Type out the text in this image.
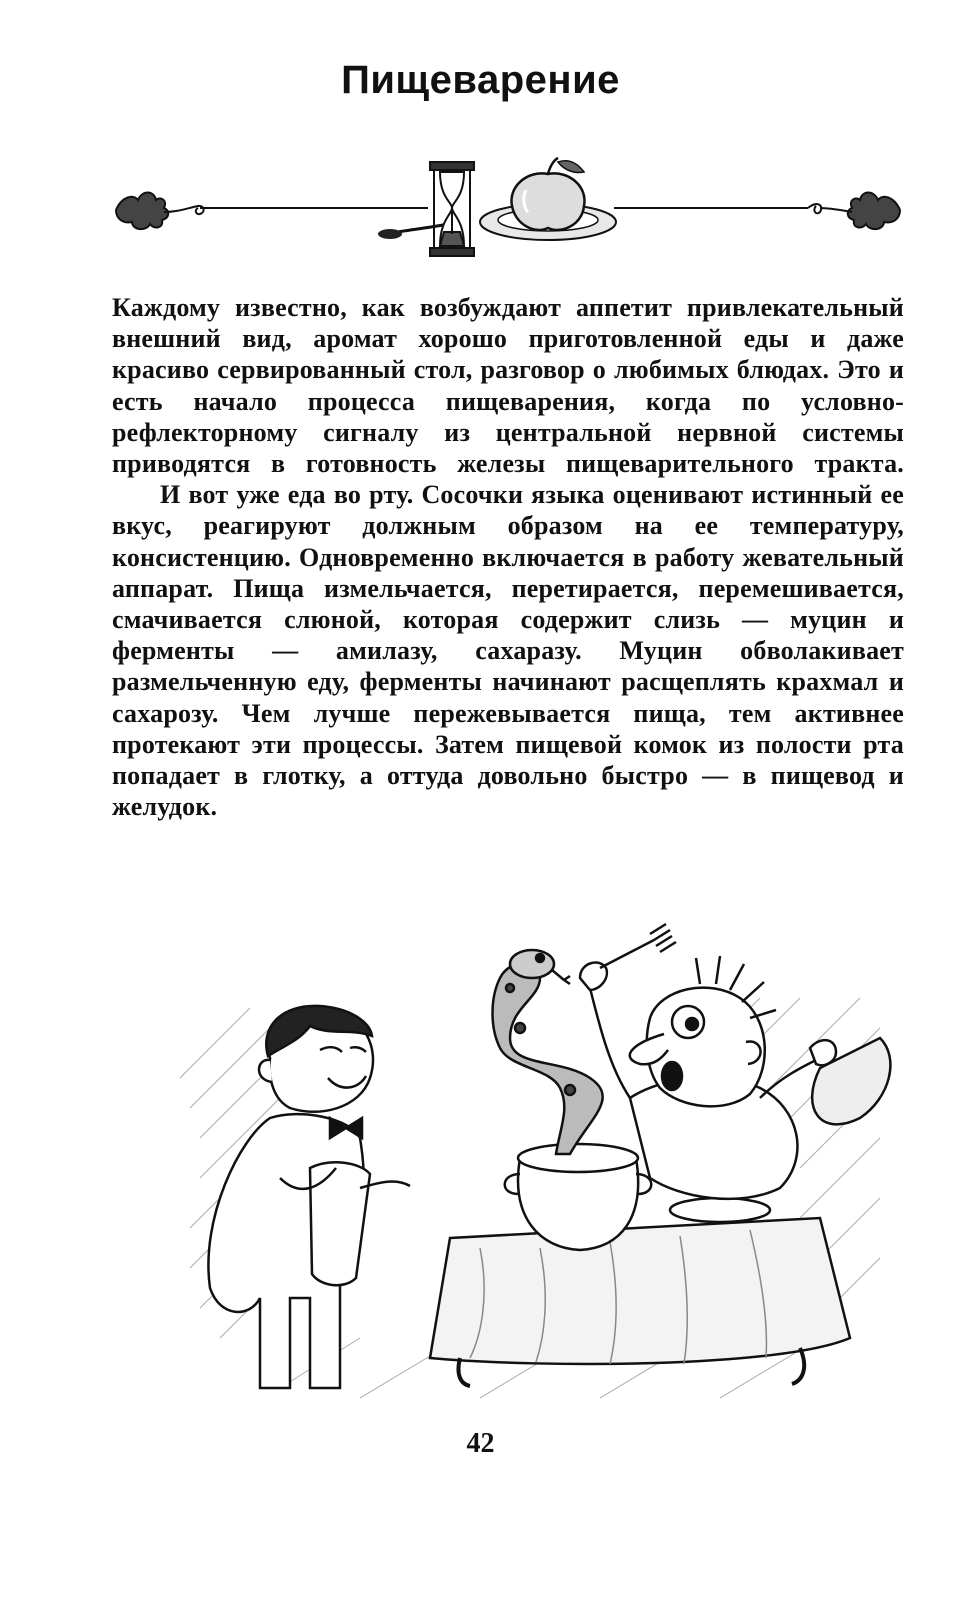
Пищеварение

Каждому известно, как возбуждают аппетит привлекательный внешний вид, аромат хорошо приготовленной еды и даже красиво сервированный стол, разговор о любимых блюдах. Это и есть начало процесса пищеварения, когда по условно-рефлекторному сигналу из центральной нервной системы приводятся в готовность железы пищеварительного тракта.

И вот уже еда во рту. Сосочки языка оценивают истинный ее вкус, реагируют должным образом на ее температуру, консистенцию. Одновременно включается в работу жевательный аппарат. Пища измельчается, перетирается, перемешивается, смачивается слюной, которая содержит слизь — муцин и ферменты — амилазу, сахаразу. Муцин обволакивает размельченную еду, ферменты начинают расщеплять крахмал и сахарозу. Чем лучше пережевывается пища, тем активнее протекают эти процессы. Затем пищевой комок из полости рта попадает в глотку, а оттуда довольно быстро — в пищевод и желудок.

42
